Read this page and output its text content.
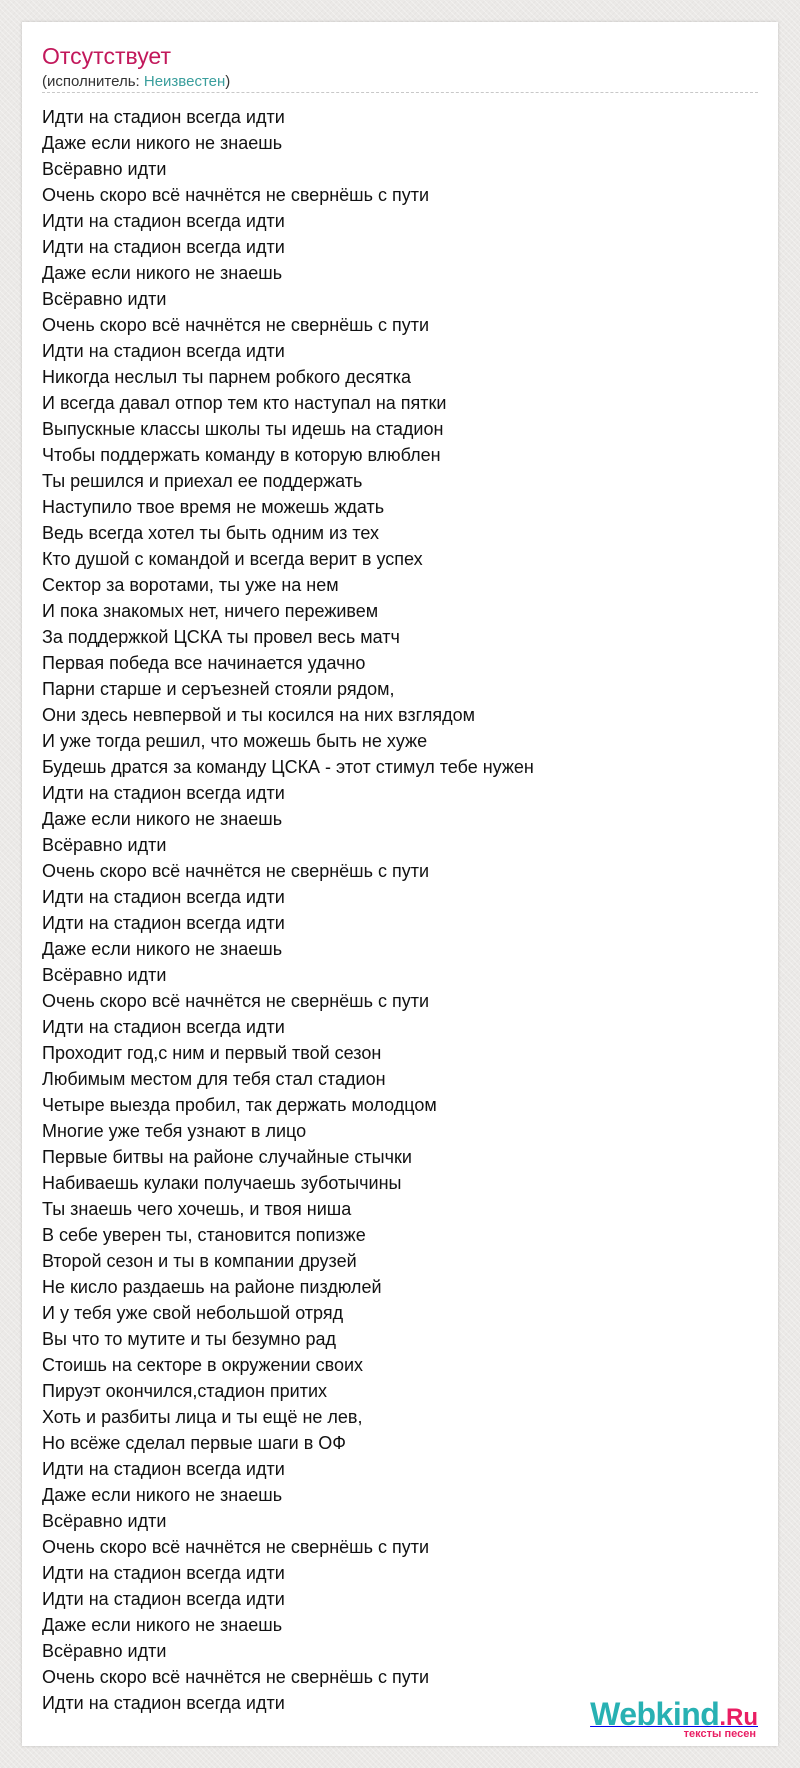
Отсутствует
(исполнитель: Неизвестен)
Идти на стадион всегда идти
Даже если никого не знаешь
Всёравно идти
Очень скоро всё начнётся не свернёшь с пути
Идти на стадион всегда идти
Идти на стадион всегда идти
Даже если никого не знаешь
Всёравно идти
Очень скоро всё начнётся не свернёшь с пути
Идти на стадион всегда идти
Никогда неслыл ты парнем робкого десятка
И всегда давал отпор тем кто наступал на пятки
Выпускные классы школы ты идешь на стадион
Чтобы поддержать команду в которую влюблен
Ты решился и приехал ее поддержать
Наступило твое время не можешь ждать
Ведь всегда хотел ты быть одним из тех
Кто душой с командой и всегда верит в успех
Сектор за воротами, ты уже на нем
И пока знакомых нет, ничего переживем
За поддержкой ЦСКА ты провел весь матч
Первая победа все начинается удачно
Парни старше и серъезней стояли рядом,
Они здесь невпервой и ты косился на них взглядом
И уже тогда решил, что можешь быть не хуже
Будешь дратся за команду ЦСКА - этот стимул тебе нужен
Идти на стадион всегда идти
Даже если никого не знаешь
Всёравно идти
Очень скоро всё начнётся не свернёшь с пути
Идти на стадион всегда идти
Идти на стадион всегда идти
Даже если никого не знаешь
Всёравно идти
Очень скоро всё начнётся не свернёшь с пути
Идти на стадион всегда идти
Проходит год,с ним и первый твой сезон
Любимым местом для тебя стал стадион
Четыре выезда пробил, так держать молодцом
Многие уже тебя узнают в лицо
Первые битвы на районе случайные стычки
Набиваешь кулаки получаешь зуботычины
Ты знаешь чего хочешь, и твоя ниша
В себе уверен ты, становится попизже
Второй сезон и ты в компании друзей
Не кисло раздаешь на районе пиздюлей
И у тебя уже свой небольшой отряд
Вы что то мутите и ты безумно рад
Стоишь на секторе в окружении своих
Пируэт окончился,стадион притих
Хоть и разбиты лица и ты ещё не лев,
Но всёже сделал первые шаги в ОФ
Идти на стадион всегда идти
Даже если никого не знаешь
Всёравно идти
Очень скоро всё начнётся не свернёшь с пути
Идти на стадион всегда идти
Идти на стадион всегда идти
Даже если никого не знаешь
Всёравно идти
Очень скоро всё начнётся не свернёшь с пути
Идти на стадион всегда идти	Webkind.Ru
тексты песен
